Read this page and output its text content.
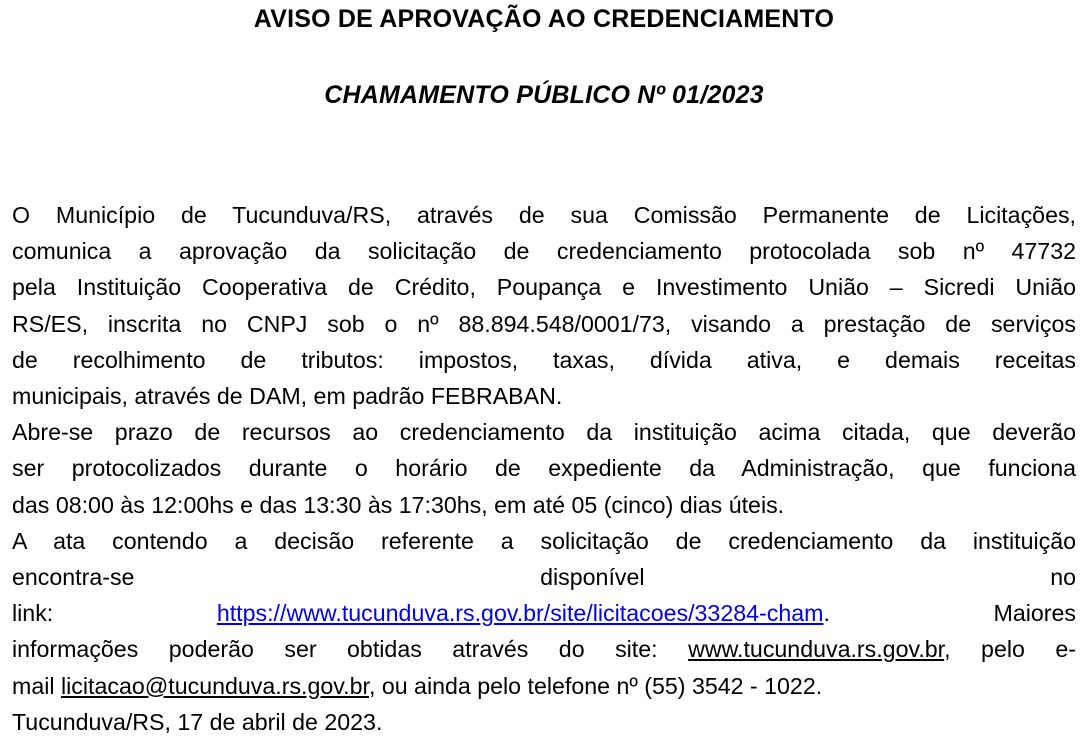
AVISO DE APROVAÇÃO AO CREDENCIAMENTO
CHAMAMENTO PÚBLICO Nº 01/2023

O Município de Tucunduva/RS, através de sua Comissão Permanente de Licitações,
comunica a aprovação da solicitação de credenciamento protocolada sob nº 47732
pela Instituição Cooperativa de Crédito, Poupança e Investimento União – Sicredi União
RS/ES, inscrita no CNPJ sob o nº 88.894.548/0001/73, visando a prestação de serviços
de recolhimento de tributos: impostos, taxas, dívida ativa, e demais receitas
municipais, através de DAM, em padrão FEBRABAN.

Abre-se prazo de recursos ao credenciamento da instituição acima citada, que deverão
ser protocolizados durante o horário de expediente da Administração, que funciona
das 08:00 às 12:00hs e das 13:30 às 17:30hs, em até 05 (cinco) dias úteis.

A ata contendo a decisão referente a solicitação de credenciamento da instituição
encontra-se	disponível	no
link:	https://www.tucunduva.rs.gov.br/site/licitacoes/33284-cham.	Maiores
informações poderão ser obtidas através do site: www.tucunduva.rs.gov.br, pelo e-
mail licitacao@tucunduva.rs.gov.br, ou ainda pelo telefone nº (55) 3542 - 1022.

Tucunduva/RS, 17 de abril de 2023.
